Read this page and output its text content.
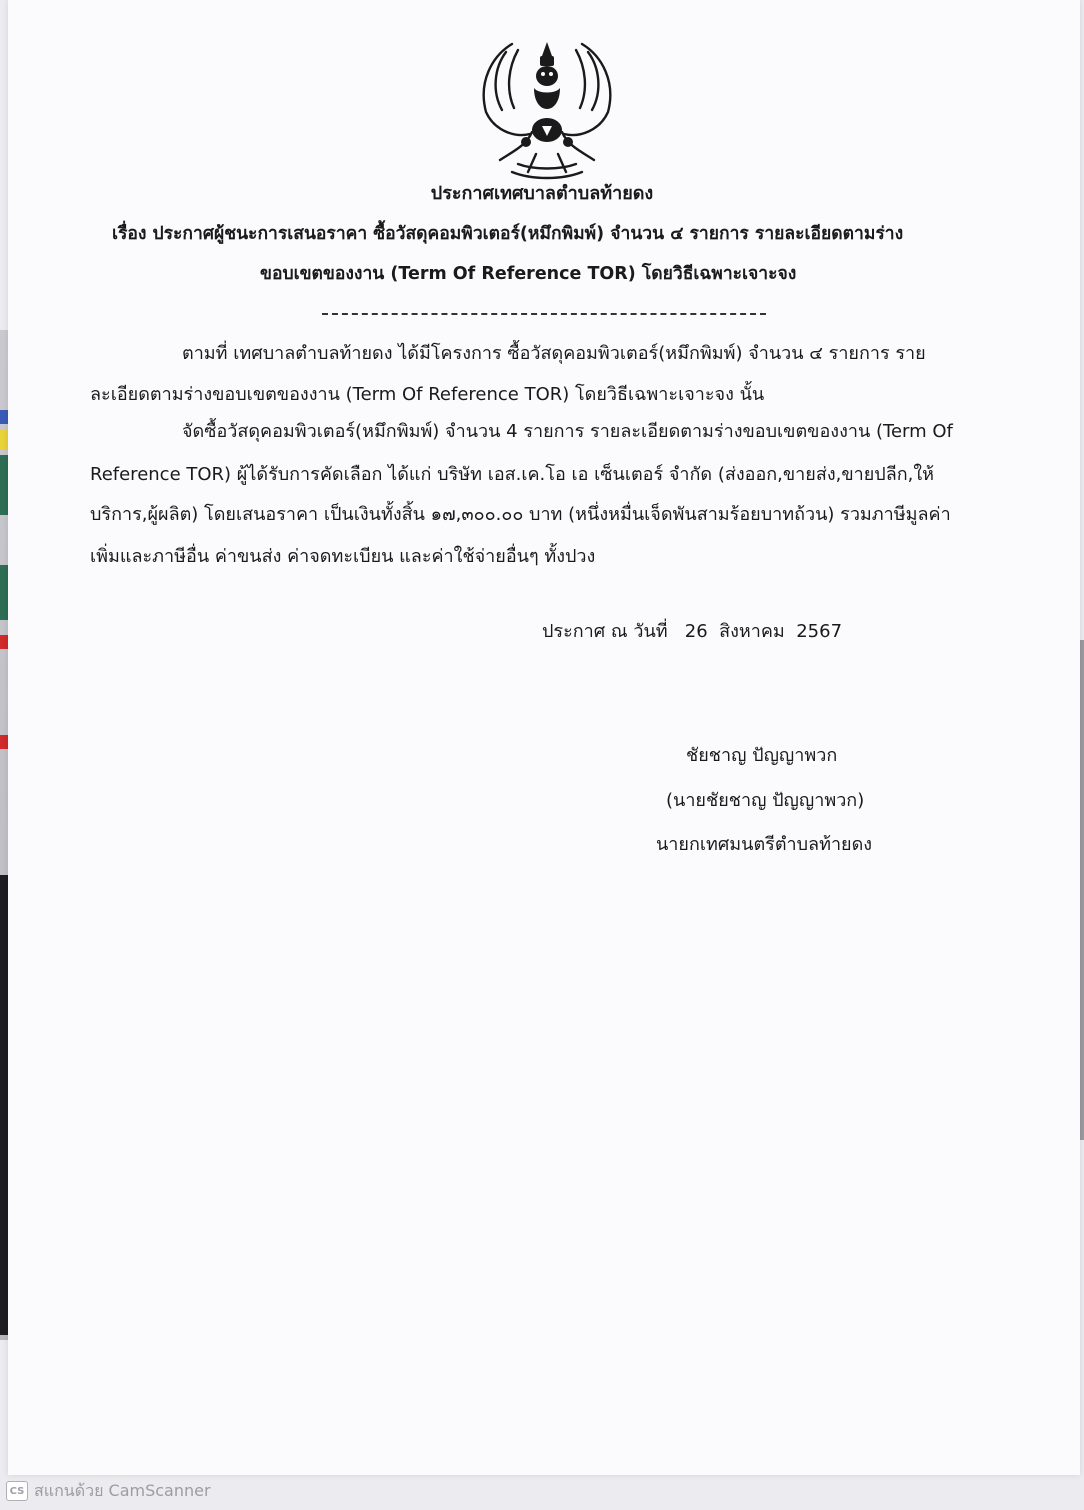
ประกาศเทศบาลตำบลท้ายดง
เรื่อง ประกาศผู้ชนะการเสนอราคา ซื้อวัสดุคอมพิวเตอร์(หมึกพิมพ์) จำนวน ๔ รายการ รายละเอียดตามร่าง
ขอบเขตของงาน (Term Of Reference TOR) โดยวิธีเฉพาะเจาะจง
ตามที่ เทศบาลตำบลท้ายดง ได้มีโครงการ ซื้อวัสดุคอมพิวเตอร์(หมึกพิมพ์) จำนวน ๔ รายการ ราย
ละเอียดตามร่างขอบเขตของงาน (Term Of Reference TOR) โดยวิธีเฉพาะเจาะจง นั้น
จัดซื้อวัสดุคอมพิวเตอร์(หมึกพิมพ์) จำนวน 4 รายการ รายละเอียดตามร่างขอบเขตของงาน (Term Of
Reference TOR) ผู้ได้รับการคัดเลือก ได้แก่ บริษัท เอส.เค.โอ เอ เซ็นเตอร์ จำกัด (ส่งออก,ขายส่ง,ขายปลีก,ให้
บริการ,ผู้ผลิต) โดยเสนอราคา เป็นเงินทั้งสิ้น ๑๗,๓๐๐.๐๐ บาท (หนึ่งหมื่นเจ็ดพันสามร้อยบาทถ้วน) รวมภาษีมูลค่า
เพิ่มและภาษีอื่น ค่าขนส่ง ค่าจดทะเบียน และค่าใช้จ่ายอื่นๆ ทั้งปวง
ประกาศ ณ วันที่   26  สิงหาคม  2567
ชัยชาญ ปัญญาพวก
(นายชัยชาญ ปัญญาพวก)
นายกเทศมนตรีตำบลท้ายดง
CS สแกนด้วย CamScanner
